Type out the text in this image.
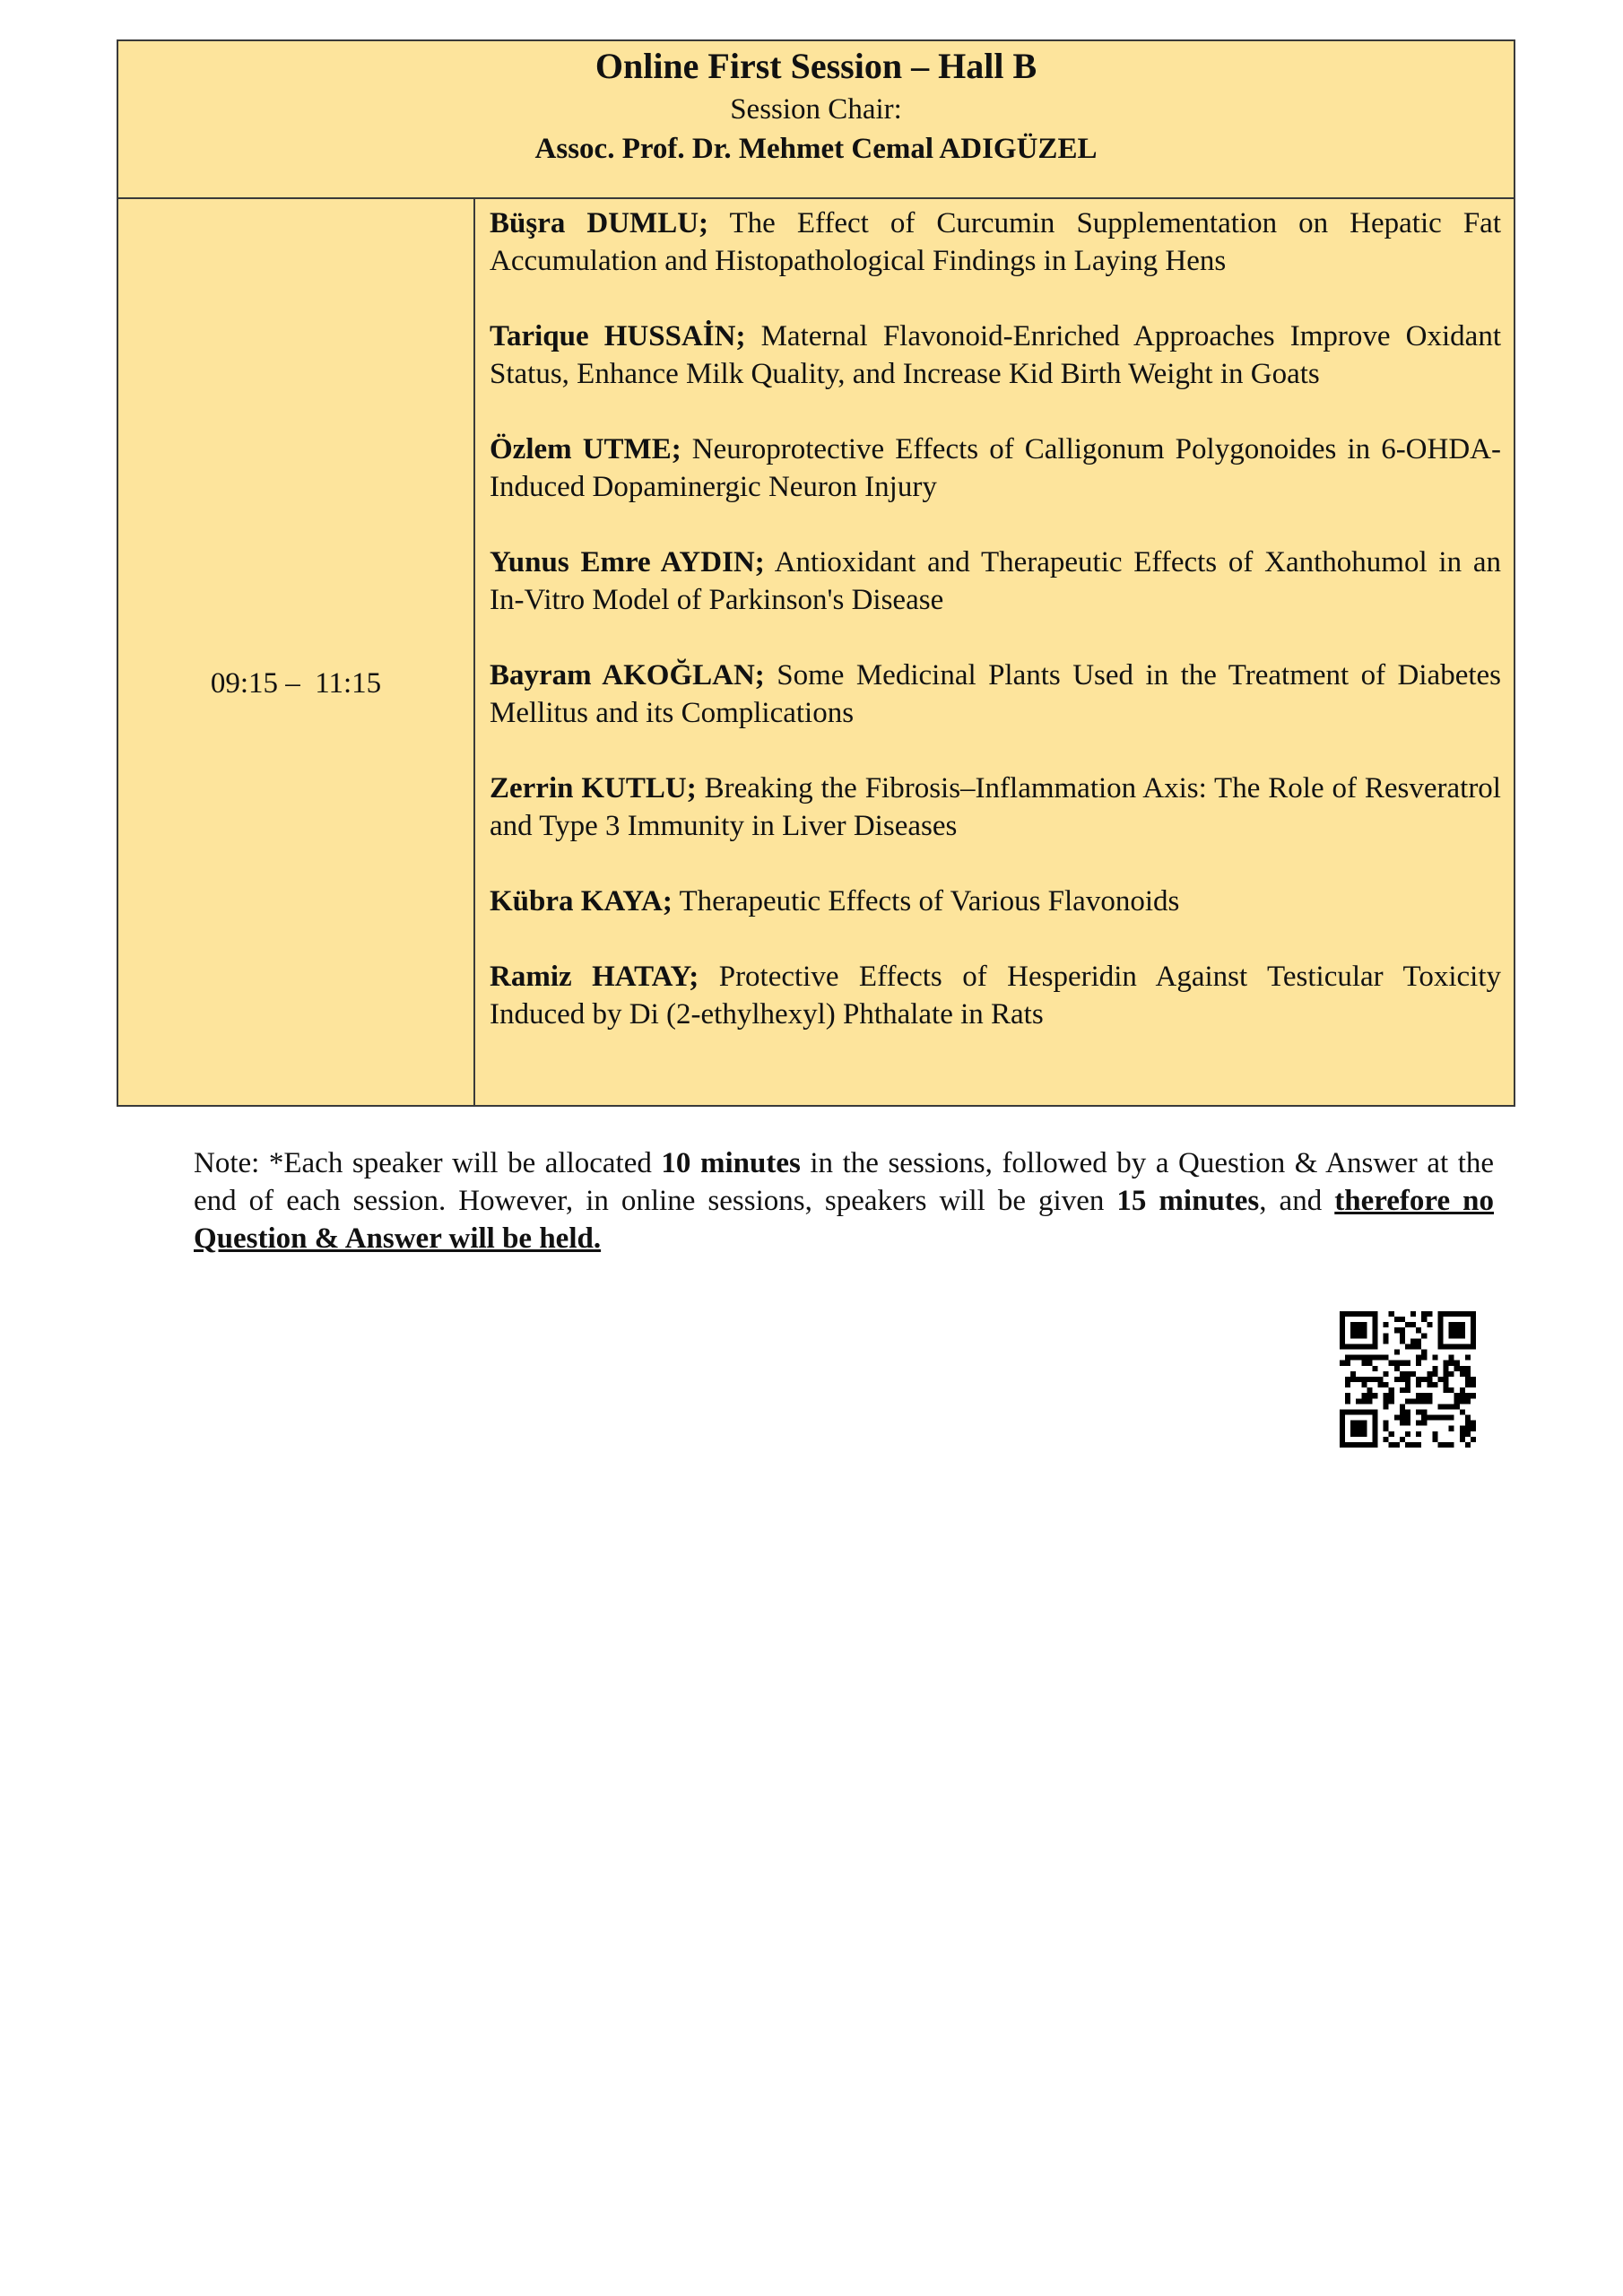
Online First Session – Hall B
Session Chair:
Assoc. Prof. Dr. Mehmet Cemal ADIGÜZEL
09:15 –  11:15
Büşra DUMLU; The Effect of Curcumin Supplementation on Hepatic Fat Accumulation and Histopathological Findings in Laying Hens
Tarique HUSSAİN; Maternal Flavonoid-Enriched Approaches Improve Oxidant Status, Enhance Milk Quality, and Increase Kid Birth Weight in Goats
Özlem UTME; Neuroprotective Effects of Calligonum Polygonoides in 6-OHDA-Induced Dopaminergic Neuron Injury
Yunus Emre AYDIN; Antioxidant and Therapeutic Effects of Xanthohumol in an In-Vitro Model of Parkinson's Disease
Bayram AKOĞLAN; Some Medicinal Plants Used in the Treatment of Diabetes Mellitus and its Complications
Zerrin KUTLU; Breaking the Fibrosis–Inflammation Axis: The Role of Resveratrol and Type 3 Immunity in Liver Diseases
Kübra KAYA; Therapeutic Effects of Various Flavonoids
Ramiz HATAY; Protective Effects of Hesperidin Against Testicular Toxicity Induced by Di (2-ethylhexyl) Phthalate in Rats
Note: *Each speaker will be allocated 10 minutes in the sessions, followed by a Question & Answer at the end of each session. However, in online sessions, speakers will be given 15 minutes, and therefore no Question & Answer will be held.
